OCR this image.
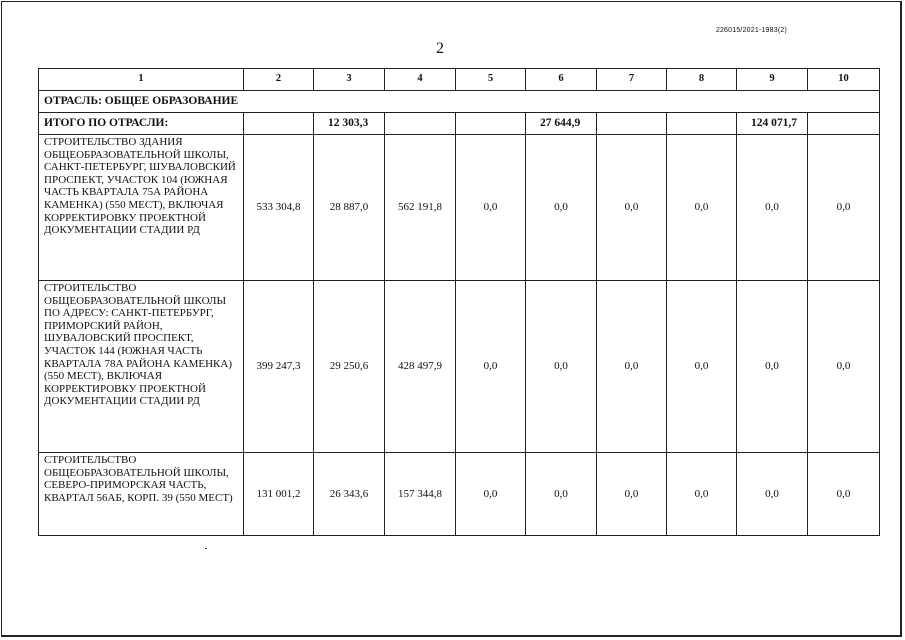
226015/2021-1983(2)
2
1	2	3	4	5	6	7	8	9	10
ОТРАСЛЬ: ОБЩЕЕ ОБРАЗОВАНИЕ									
ИТОГО ПО ОТРАСЛИ:		12 303,3			27 644,9			124 071,7	
СТРОИТЕЛЬСТВО ЗДАНИЯ ОБЩЕОБРАЗОВАТЕЛЬНОЙ ШКОЛЫ, САНКТ-ПЕТЕРБУРГ, ШУВАЛОВСКИЙ ПРОСПЕКТ, УЧАСТОК 104 (ЮЖНАЯ ЧАСТЬ КВАРТАЛА 75А РАЙОНА КАМЕНКА) (550 МЕСТ), ВКЛЮЧАЯ КОРРЕКТИРОВКУ ПРОЕКТНОЙ ДОКУМЕНТАЦИИ СТАДИИ РД	533 304,8	28 887,0	562 191,8	0,0	0,0	0,0	0,0	0,0	0,0
СТРОИТЕЛЬСТВО ОБЩЕОБРАЗОВАТЕЛЬНОЙ ШКОЛЫ ПО АДРЕСУ: САНКТ-ПЕТЕРБУРГ, ПРИМОРСКИЙ РАЙОН, ШУВАЛОВСКИЙ ПРОСПЕКТ, УЧАСТОК 144 (ЮЖНАЯ ЧАСТЬ КВАРТАЛА 78А РАЙОНА КАМЕНКА) (550 МЕСТ), ВКЛЮЧАЯ КОРРЕКТИРОВКУ ПРОЕКТНОЙ ДОКУМЕНТАЦИИ СТАДИИ РД	399 247,3	29 250,6	428 497,9	0,0	0,0	0,0	0,0	0,0	0,0
СТРОИТЕЛЬСТВО ОБЩЕОБРАЗОВАТЕЛЬНОЙ ШКОЛЫ, СЕВЕРО-ПРИМОРСКАЯ ЧАСТЬ, КВАРТАЛ 56АБ, КОРП. 39 (550 МЕСТ)	131 001,2	26 343,6	157 344,8	0,0	0,0	0,0	0,0	0,0	0,0
